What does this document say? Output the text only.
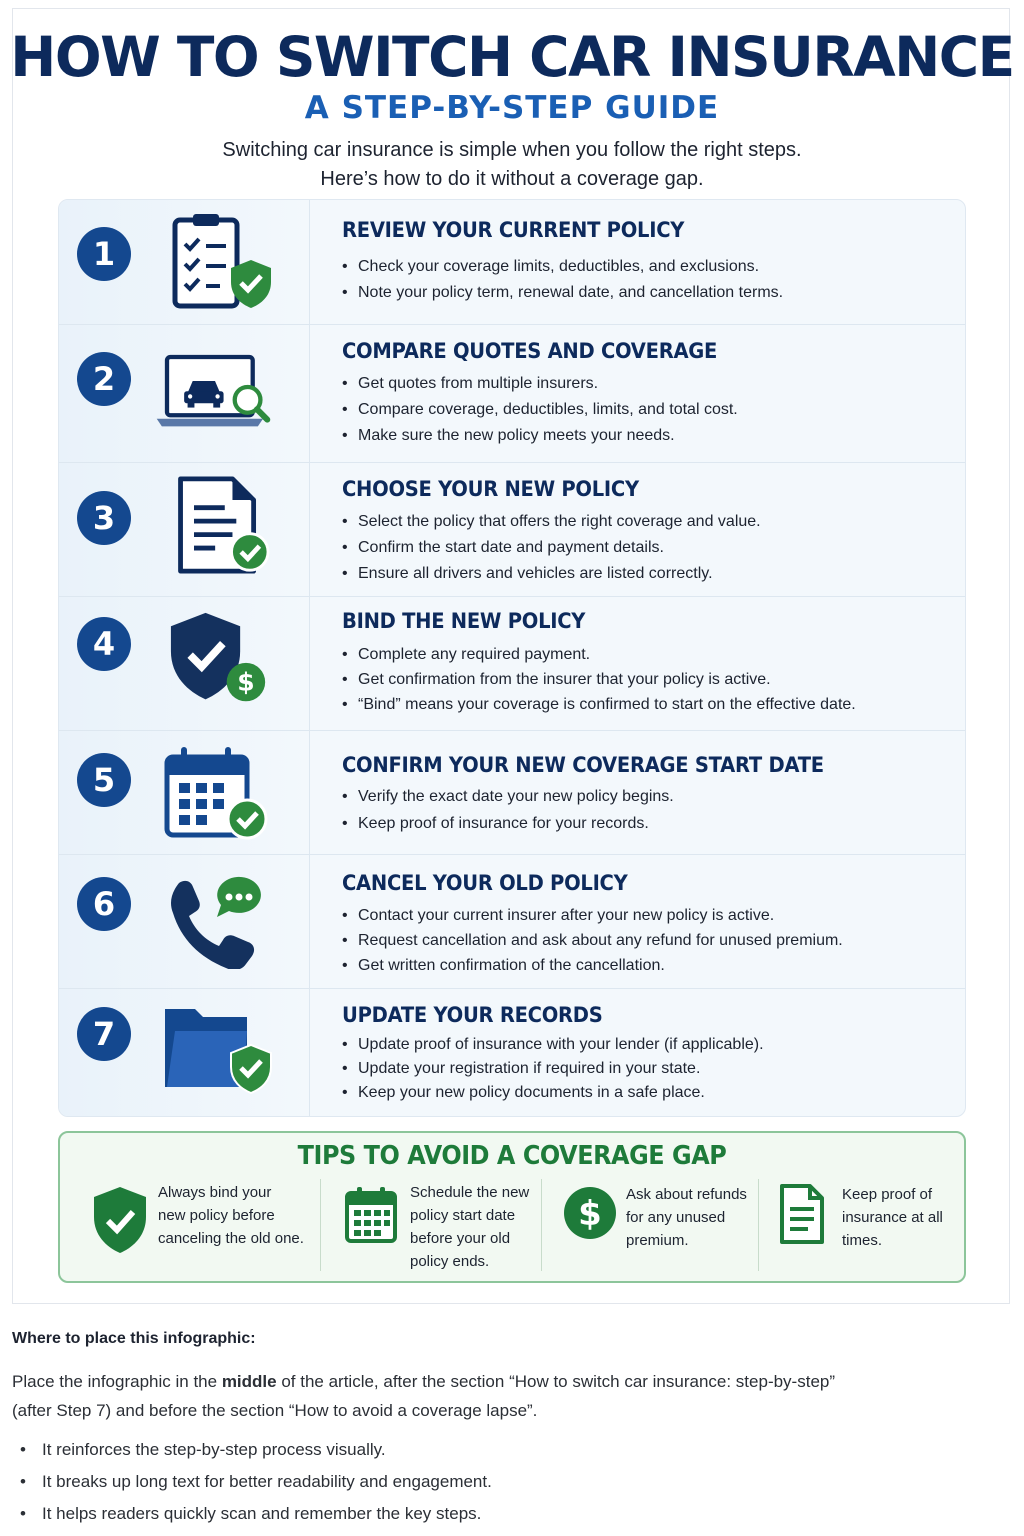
HOW TO SWITCH CAR INSURANCE
A STEP-BY-STEP GUIDE
Switching car insurance is simple when you follow the right steps.
Here’s how to do it without a coverage gap.
1
REVIEW YOUR CURRENT POLICY
• Check your coverage limits, deductibles, and exclusions.
• Note your policy term, renewal date, and cancellation terms.
2
COMPARE QUOTES AND COVERAGE
• Get quotes from multiple insurers.
• Compare coverage, deductibles, limits, and total cost.
• Make sure the new policy meets your needs.
3
CHOOSE YOUR NEW POLICY
• Select the policy that offers the right coverage and value.
• Confirm the start date and payment details.
• Ensure all drivers and vehicles are listed correctly.
4
$
BIND THE NEW POLICY
• Complete any required payment.
• Get confirmation from the insurer that your policy is active.
• “Bind” means your coverage is confirmed to start on the effective date.
5	CONFIRM YOUR NEW COVERAGE START DATE
• Verify the exact date your new policy begins.
• Keep proof of insurance for your records.
6
CANCEL YOUR OLD POLICY
• Contact your current insurer after your new policy is active.
• Request cancellation and ask about any refund for unused premium.
• Get written confirmation of the cancellation.
7	UPDATE YOUR RECORDS
• Update proof of insurance with your lender (if applicable).
• Update your registration if required in your state.
• Keep your new policy documents in a safe place.
TIPS TO AVOID A COVERAGE GAP
Always bind your
new policy before
canceling the old one.
Schedule the new
policy start date
before your old
policy ends.
$ Ask about refunds
for any unused
premium.
Keep proof of
insurance at all
times.
Where to place this infographic:
Place the infographic in the middle of the article, after the section “How to switch car insurance: step-by-step”
(after Step 7) and before the section “How to avoid a coverage lapse”.
• It reinforces the step-by-step process visually.
• It breaks up long text for better readability and engagement.
• It helps readers quickly scan and remember the key steps.
